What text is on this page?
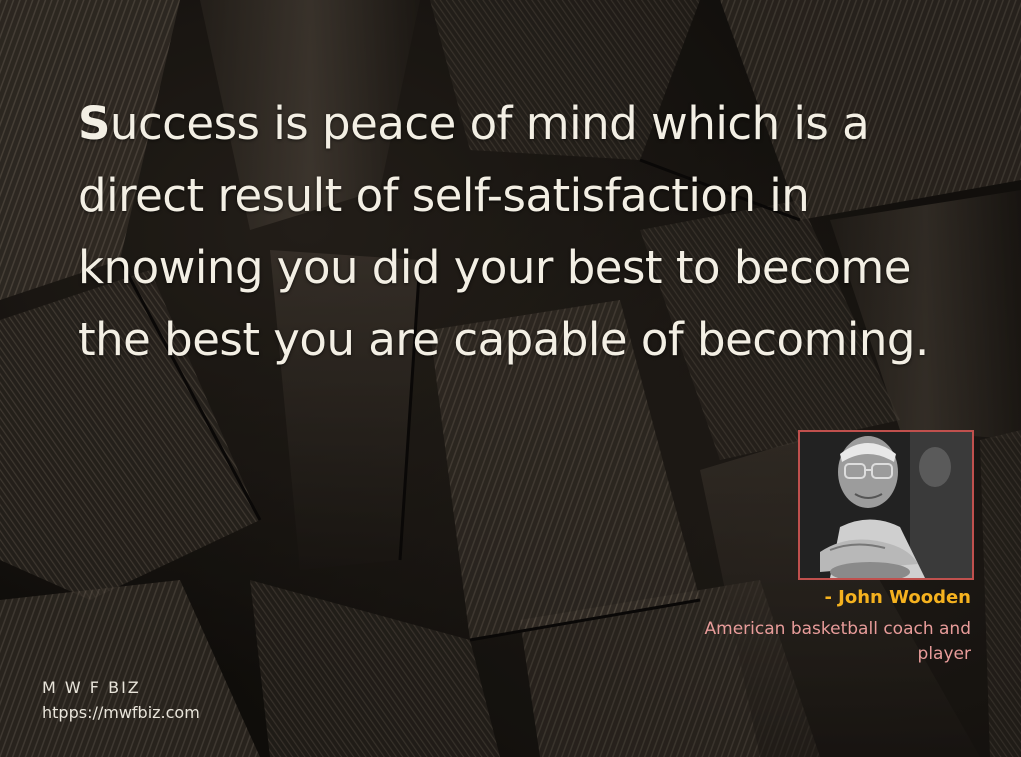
Success is peace of mind which is a direct result of self-satisfaction in knowing you did your best to become the best you are capable of becoming.

- John Wooden

American basketball coach and player

M W F BIZ
htpps://mwfbiz.com
